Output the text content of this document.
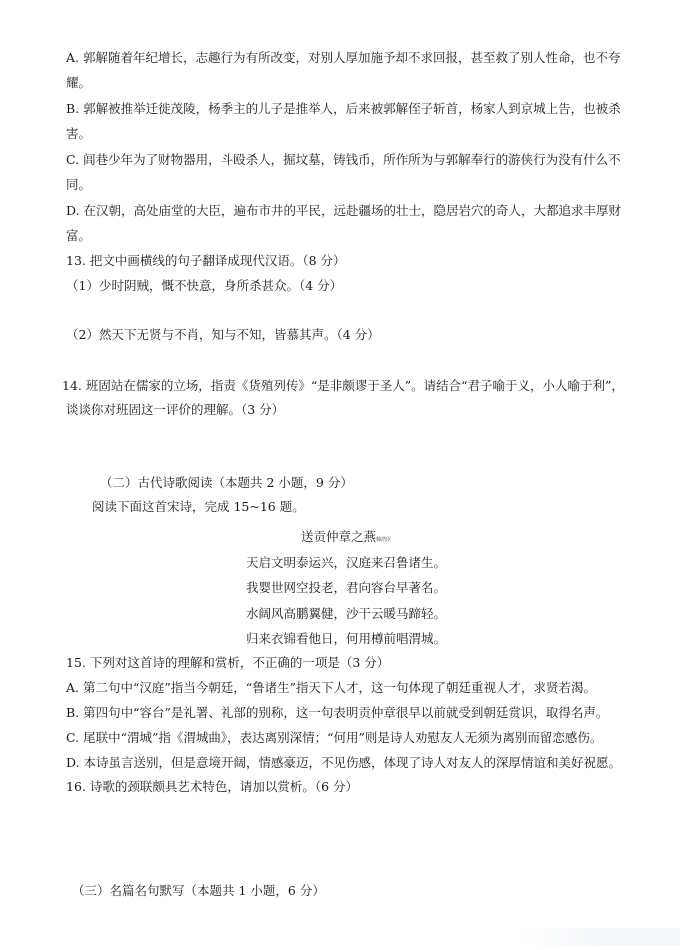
A. 郭解随着年纪增长，志趣行为有所改变，对别人厚加施予却不求回报，甚至救了别人性命，也不夸
耀。
B. 郭解被推举迁徙茂陵，杨季主的儿子是推举人，后来被郭解侄子斩首，杨家人到京城上告，也被杀
害。
C. 闾巷少年为了财物器用，斗殴杀人，掘坟墓，铸钱币，所作所为与郭解奉行的游侠行为没有什么不
同。
D. 在汉朝，高处庙堂的大臣，遍布市井的平民，远赴疆场的壮士，隐居岩穴的奇人，大都追求丰厚财
富。
13. 把文中画横线的句子翻译成现代汉语。（8 分）
（1）少时阴贼，慨不快意，身所杀甚众。（4 分）
（2）然天下无贤与不肖，知与不知，皆慕其声。（4 分）
14. 班固站在儒家的立场，指责《货殖列传》“是非颇谬于圣人”。请结合“君子喻于义，小人喻于利”，
谈谈你对班固这一评价的理解。（3 分）
（二）古代诗歌阅读（本题共 2 小题，9 分）
阅读下面这首宋诗，完成 15~16 题。
送贡仲章之燕韩浩臣
天启文明泰运兴，汉庭来召鲁诸生。
我婴世网空投老，君向容台早著名。
水阔风高鹏翼健，沙干云暖马蹄轻。
归来衣锦看他日，何用樽前唱渭城。
15. 下列对这首诗的理解和赏析，不正确的一项是（3 分）
A. 第二句中“汉庭”指当今朝廷，“鲁诸生”指天下人才，这一句体现了朝廷重视人才，求贤若渴。
B. 第四句中“容台”是礼署、礼部的别称，这一句表明贡仲章很早以前就受到朝廷赏识，取得名声。
C. 尾联中“渭城”指《渭城曲》，表达离别深情；“何用”则是诗人劝慰友人无须为离别而留恋感伤。
D. 本诗虽言送别，但是意境开阔，情感豪迈，不见伤感，体现了诗人对友人的深厚情谊和美好祝愿。
16. 诗歌的颈联颇具艺术特色，请加以赏析。（6 分）
（三）名篇名句默写（本题共 1 小题，6 分）
